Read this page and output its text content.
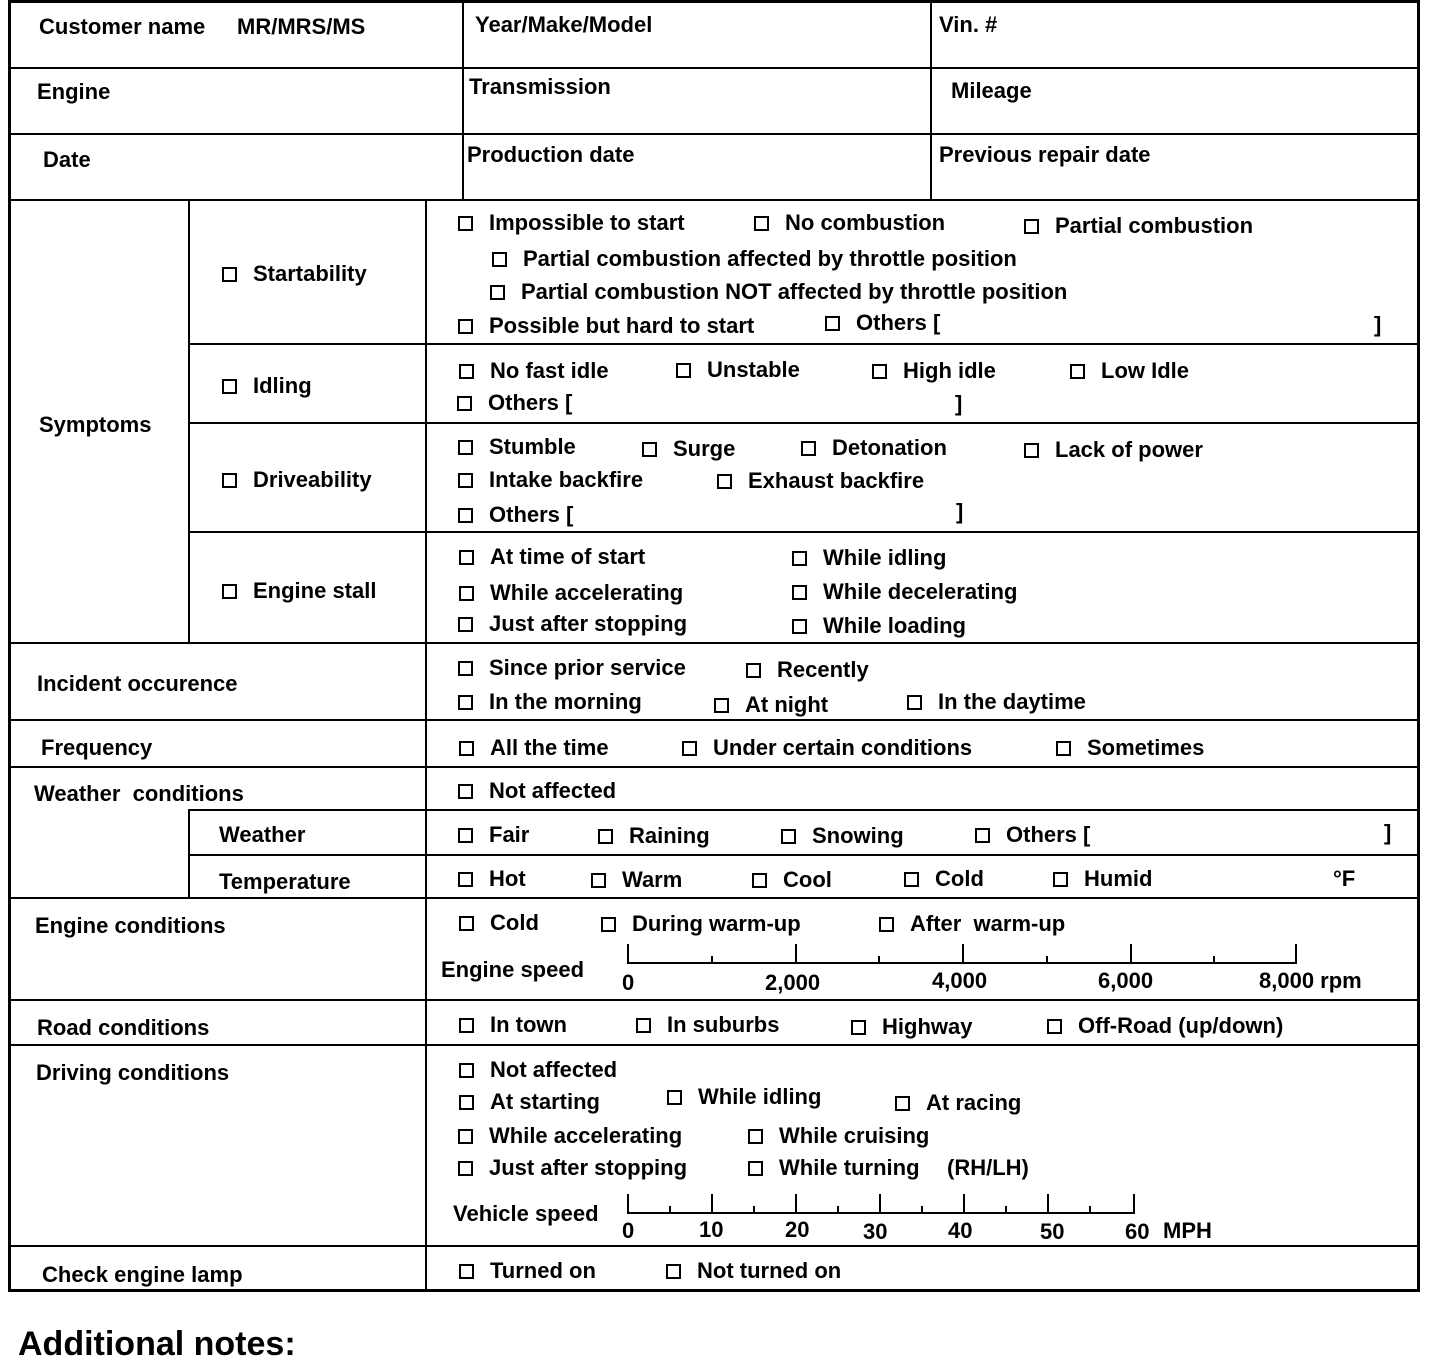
Customer name MR/MRS/MS	Year/Make/Model	Vin. #
Engine	Transmission	Mileage
Date	Production date	Previous repair date
Symptoms
Startability
Impossible to start	No combustion	Partial combustion
Partial combustion affected by throttle position
Partial combustion NOT affected by throttle position
Possible but hard to start	Others [	]
Idling
No fast idle	Unstable	High idle	Low Idle
Others [	]
Driveability
Stumble	Surge	Detonation	Lack of power
Intake backfire	Exhaust backfire
Others [	]
Engine stall
At time of start	While idling
While accelerating	While decelerating
Just after stopping	While loading
Incident occurence
Since prior service	Recently
In the morning	At night	In the daytime
Frequency	All the time	Under certain conditions	Sometimes
Weather  conditions	Not affected
Weather	Fair	Raining	Snowing	Others [	]
Temperature	Hot	Warm	Cool	Cold	Humid	°F
Engine conditions	Cold	During warm-up	After  warm-up
Engine speed
0	2,000	4,000	6,000	8,000 rpm
Road conditions	In town	In suburbs	Highway	Off-Road (up/down)
Driving conditions	Not affected
At starting	While idling	At racing
While accelerating	While cruising
Just after stopping	While turning (RH/LH)
Vehicle speed
0	10	20 30	40	50	60 MPH
Check engine lamp	Turned on	Not turned on
Additional notes:
